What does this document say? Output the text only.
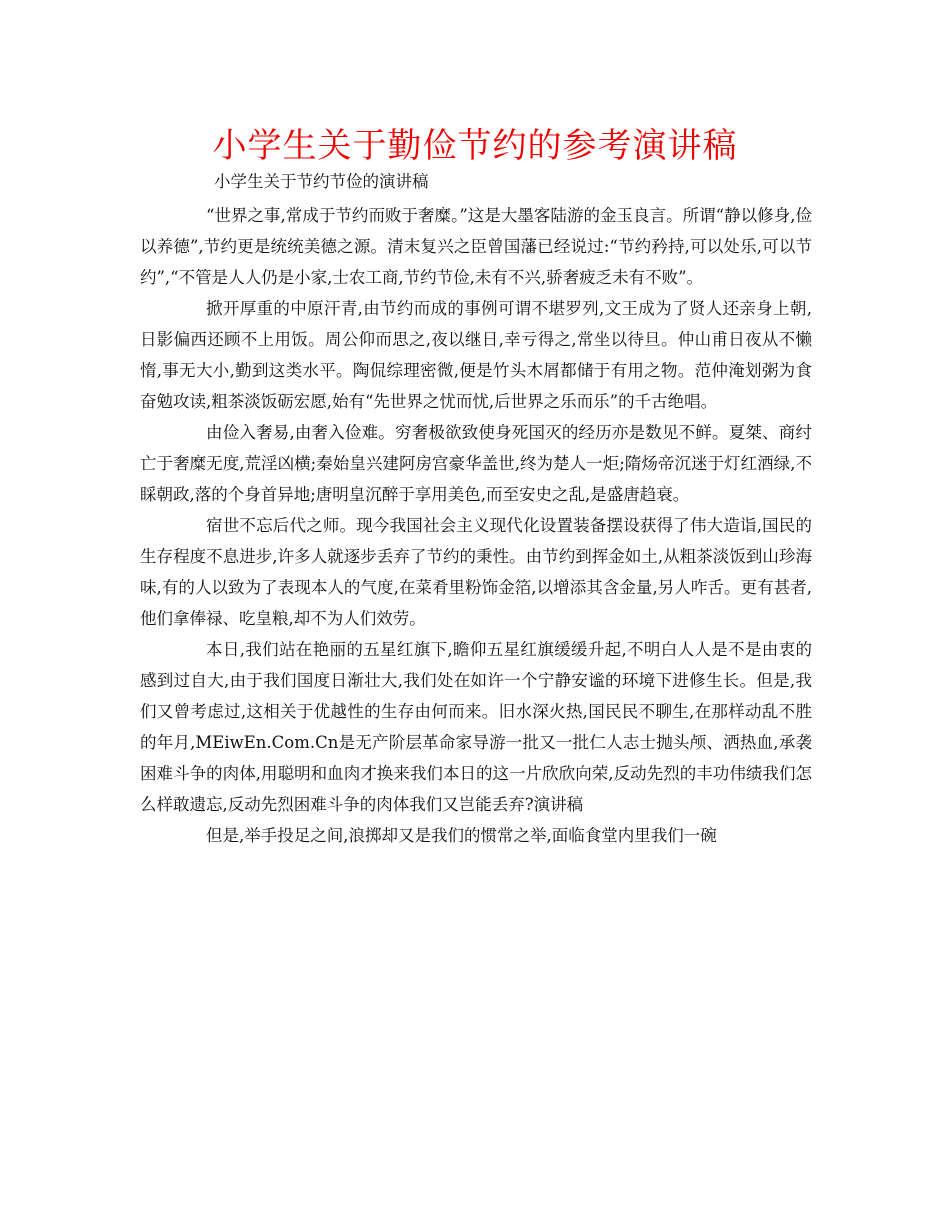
小学生关于勤俭节约的参考演讲稿
小学生关于节约节俭的演讲稿

“世界之事,常成于节约而败于奢糜。”这是大墨客陆游的金玉良言。所谓“静以修身,俭以养德”,节约更是统统美德之源。清末复兴之臣曾国藩已经说过:“节约矜持,可以处乐,可以节约”,“不管是人人仍是小家,士农工商,节约节俭,未有不兴,骄奢疲乏未有不败”。

掀开厚重的中原汗青,由节约而成的事例可谓不堪罗列,文王成为了贤人还亲身上朝,日影偏西还顾不上用饭。周公仰而思之,夜以继日,幸亏得之,常坐以待旦。仲山甫日夜从不懒惰,事无大小,勤到这类水平。陶侃综理密微,便是竹头木屑都储于有用之物。范仲淹划粥为食奋勉攻读,粗茶淡饭砺宏愿,始有“先世界之忧而忧,后世界之乐而乐”的千古绝唱。

由俭入奢易,由奢入俭难。穷奢极欲致使身死国灭的经历亦是数见不鲜。夏桀、商纣亡于奢糜无度,荒淫凶横;秦始皇兴建阿房宫豪华盖世,终为楚人一炬;隋炀帝沉迷于灯红酒绿,不睬朝政,落的个身首异地;唐明皇沉醉于享用美色,而至安史之乱,是盛唐趋衰。

宿世不忘后代之师。现今我国社会主义现代化设置装备摆设获得了伟大造诣,国民的生存程度不息进步,许多人就逐步丢弃了节约的秉性。由节约到挥金如土,从粗茶淡饭到山珍海味,有的人以致为了表现本人的气度,在菜肴里粉饰金箔,以增添其含金量,另人咋舌。更有甚者,他们拿俸禄、吃皇粮,却不为人们效劳。

本日,我们站在艳丽的五星红旗下,瞻仰五星红旗缓缓升起,不明白人人是不是由衷的感到过自大,由于我们国度日渐壮大,我们处在如许一个宁静安谧的环境下进修生长。但是,我们又曾考虑过,这相关于优越性的生存由何而来。旧水深火热,国民民不聊生,在那样动乱不胜的年月,MEiwEn.Com.Cn是无产阶层革命家导游一批又一批仁人志士抛头颅、洒热血,承袭困难斗争的肉体,用聪明和血肉才换来我们本日的这一片欣欣向荣,反动先烈的丰功伟绩我们怎么样敢遗忘,反动先烈困难斗争的肉体我们又岂能丢弃?演讲稿

但是,举手投足之间,浪掷却又是我们的惯常之举,面临食堂内里我们一碗
